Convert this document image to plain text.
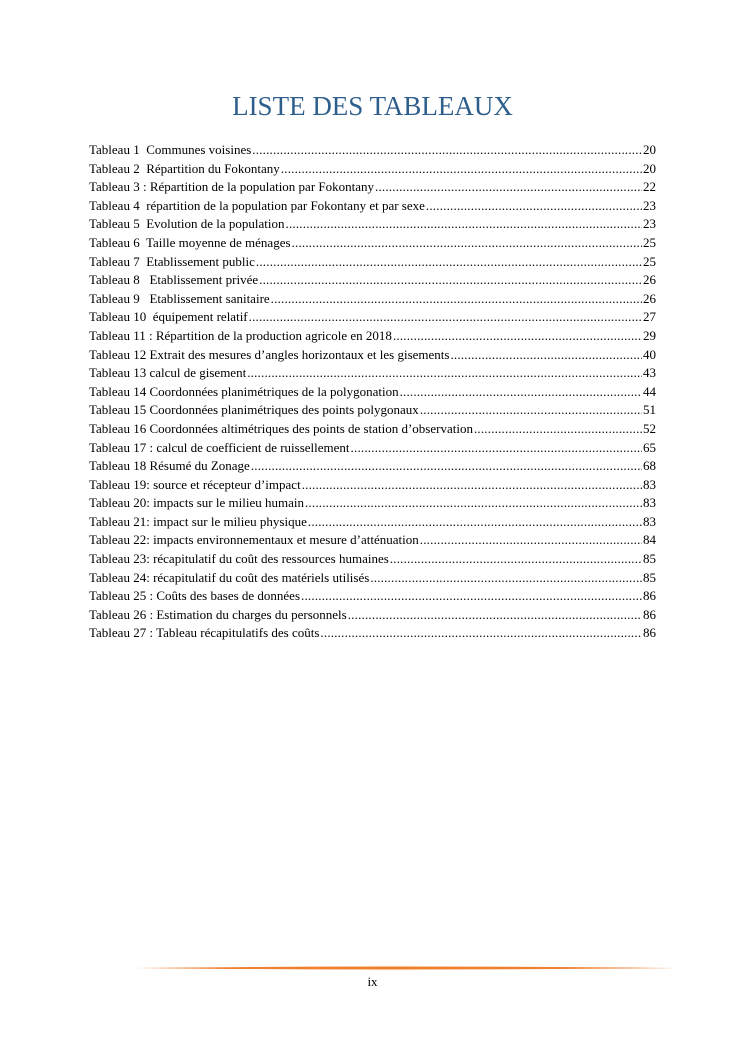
LISTE DES TABLEAUX
Tableau 1  Communes voisines .....	20
Tableau 2  Répartition du Fokontany .....	20
Tableau 3 : Répartition de la population par Fokontany .....	22
Tableau 4  répartition de la population par Fokontany et par sexe .....	23
Tableau 5  Evolution de la population .....	23
Tableau 6  Taille moyenne de ménages .....	25
Tableau 7  Etablissement public .....	25
Tableau 8   Etablissement privée .....	26
Tableau 9   Etablissement sanitaire .....	26
Tableau 10  équipement relatif .....	27
Tableau 11 : Répartition de la production agricole en 2018 .....	29
Tableau 12 Extrait des mesures d’angles horizontaux et les gisements .....	40
Tableau 13 calcul de gisement .....	43
Tableau 14 Coordonnées planimétriques de la polygonation .....	44
Tableau 15 Coordonnées planimétriques des points polygonaux .....	51
Tableau 16 Coordonnées altimétriques des points de station d’observation .....	52
Tableau 17 : calcul de coefficient de ruissellement .....	65
Tableau 18 Résumé du Zonage .....	68
Tableau 19: source et récepteur d’impact .....	83
Tableau 20: impacts sur le milieu humain .....	83
Tableau 21: impact sur le milieu physique .....	83
Tableau 22: impacts environnementaux et mesure d’atténuation .....	84
Tableau 23: récapitulatif du coût des ressources humaines .....	85
Tableau 24: récapitulatif du coût des matériels utilisés .....	85
Tableau 25 : Coûts des bases de données .....	86
Tableau 26 : Estimation du charges du personnels .....	86
Tableau 27 : Tableau récapitulatifs des coûts .....	86
ix
